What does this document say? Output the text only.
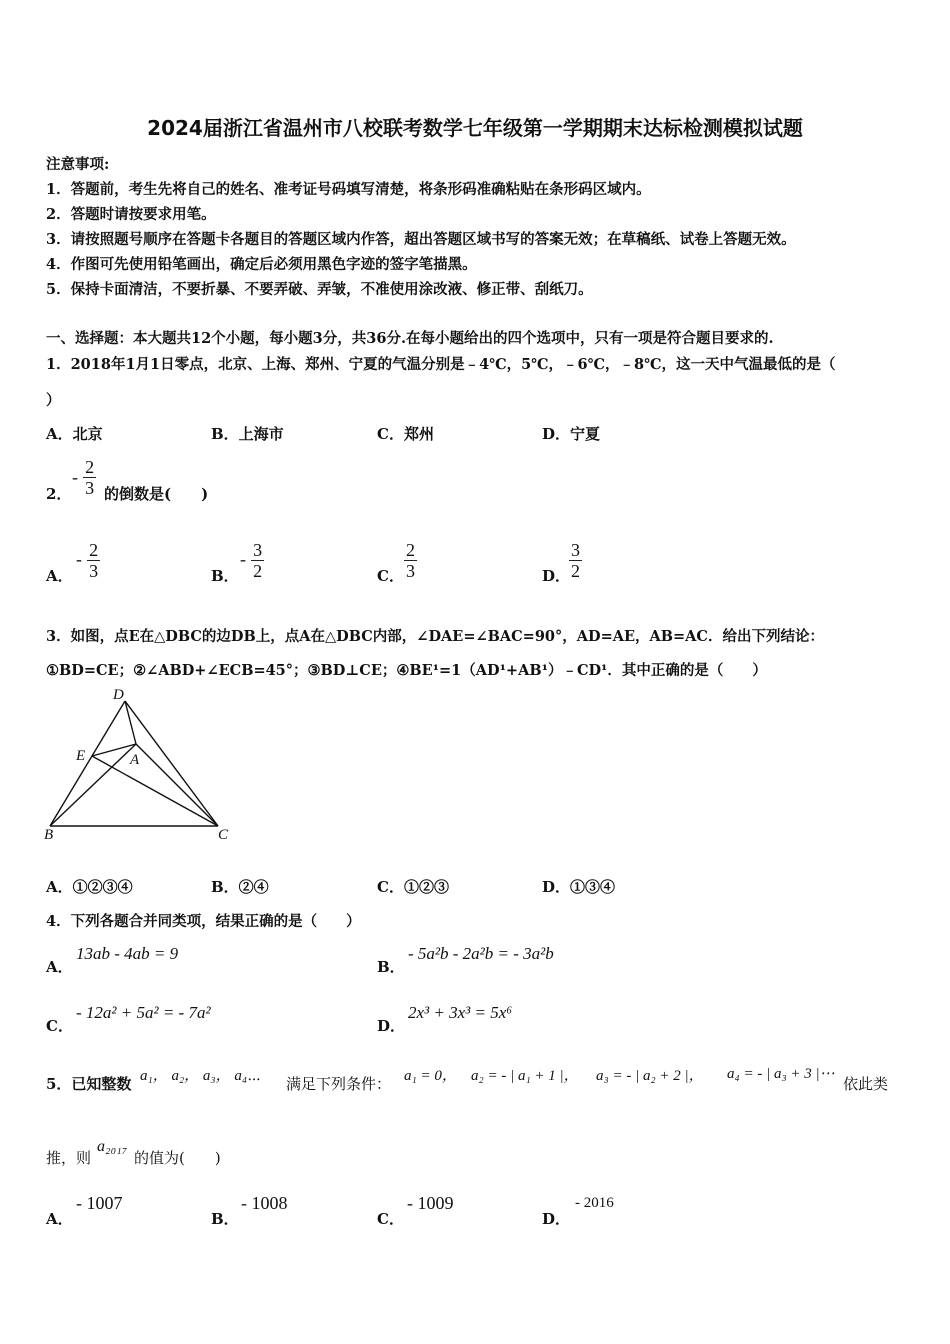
2024届浙江省温州市八校联考数学七年级第一学期期末达标检测模拟试题
注意事项:
1．答题前，考生先将自己的姓名、准考证号码填写清楚，将条形码准确粘贴在条形码区域内。
2．答题时请按要求用笔。
3．请按照题号顺序在答题卡各题目的答题区域内作答，超出答题区域书写的答案无效；在草稿纸、试卷上答题无效。
4．作图可先使用铅笔画出，确定后必须用黑色字迹的签字笔描黑。
5．保持卡面清洁，不要折暴、不要弄破、弄皱，不准使用涂改液、修正带、刮纸刀。
一、选择题：本大题共12个小题，每小题3分，共36分.在每小题给出的四个选项中，只有一项是符合题目要求的.
1．2018年1月1日零点，北京、上海、郑州、宁夏的气温分别是﹣4℃，5℃，﹣6℃，﹣8℃，这一天中气温最低的是（
）
A．北京	B．上海市	C．郑州	D．宁夏
2．
- $\frac{2}{3}$ 的倒数是(　　)
A．
- $\frac{2}{3}$	B．
- $\frac{3}{2}$	C． $\frac{2}{3}$	D．
$\frac{3}{2}$
3．如图，点E在△DBC的边DB上，点A在△DBC内部，∠DAE=∠BAC=90°，AD=AE，AB=AC．给出下列结论：
①BD=CE；②∠ABD+∠ECB=45°；③BD⊥CE；④BE¹=1（AD¹+AB¹）﹣CD¹．其中正确的是（　　）
D
E	A
B	C
A．①②③④	B．②④	C．①②③	D．①③④
4．下列各题合并同类项，结果正确的是（　　）
A．
13ab - 4ab = 9
B．
- 5a²b - 2a²b = - 3a²b
C．
- 12a² + 5a² = - 7a²
D．
2x³ + 3x³ = 5x⁶
5．已知整数 a₁， a₂， a₃， a₄⋯ 满足下列条件： a₁ = 0， a₂ = - | a₁ + 1 |， a₃ = - | a₂ + 2 |， a₄ = - | a₃ + 3 |⋯
依此类
推，则
a₂₀₁₇
的值为(　　)
A．
- 1007
B．
- 1008
C．
- 1009
D．
- 2016
